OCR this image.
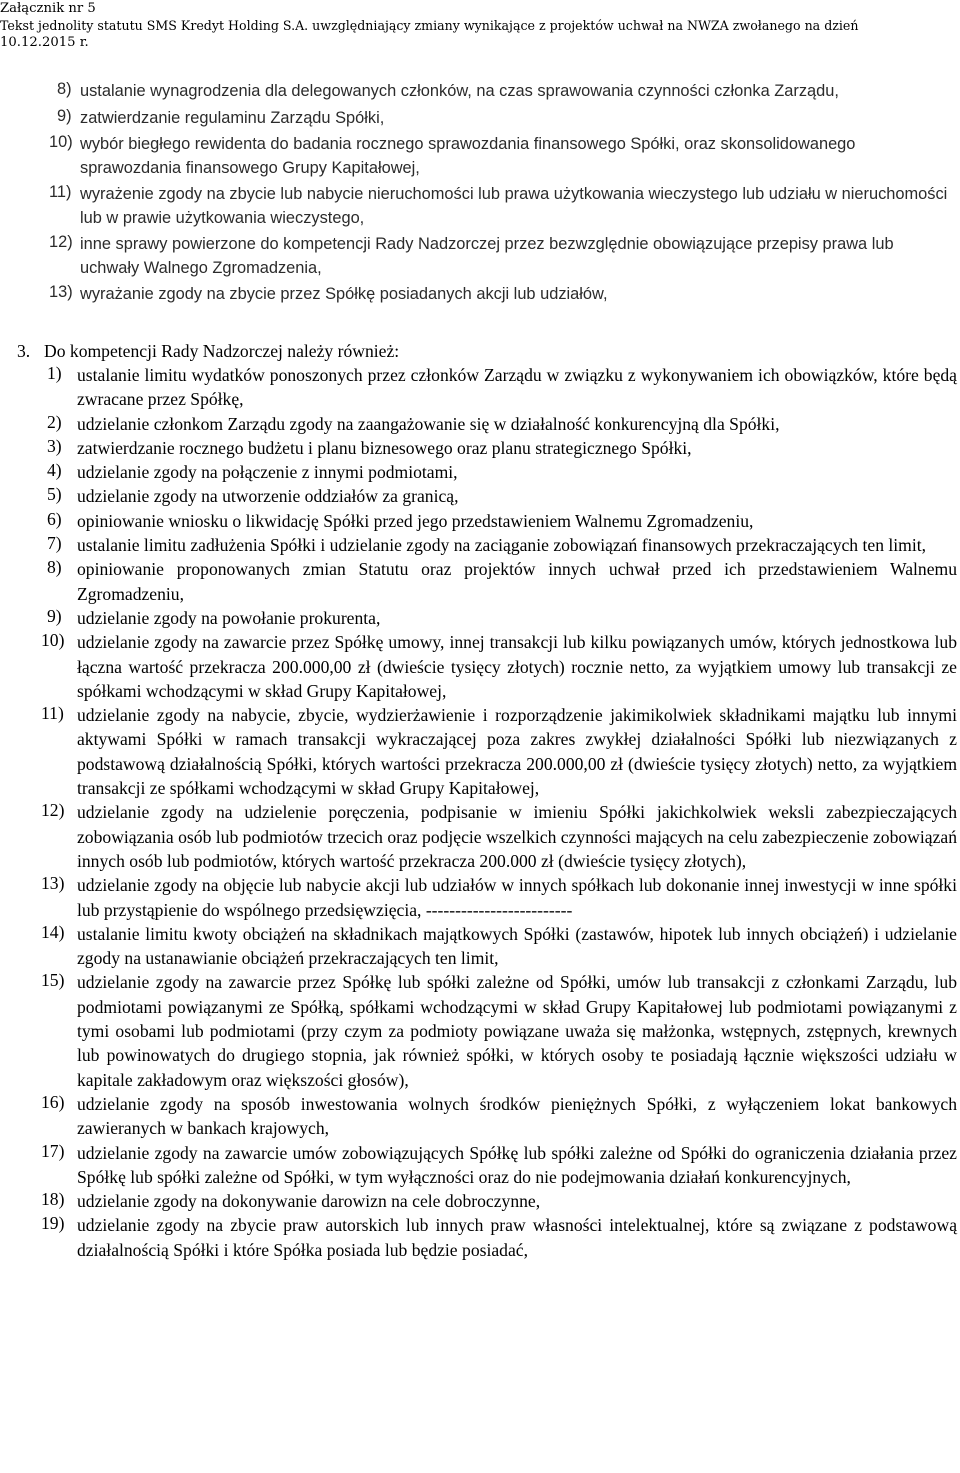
Załącznik nr 5
Tekst jednolity statutu SMS Kredyt Holding S.A. uwzględniający zmiany wynikające z projektów uchwał na NWZA zwołanego na dzień
10.12.2015 r.
8) ustalanie wynagrodzenia dla delegowanych członków, na czas sprawowania czynności członka Zarządu,
9) zatwierdzanie regulaminu Zarządu Spółki,
10) wybór biegłego rewidenta do badania rocznego sprawozdania finansowego Spółki, oraz skonsolidowanego sprawozdania finansowego Grupy Kapitałowej,
11) wyrażenie zgody na zbycie lub nabycie nieruchomości lub prawa użytkowania wieczystego lub udziału w nieruchomości lub w prawie użytkowania wieczystego,
12) inne sprawy powierzone do kompetencji Rady Nadzorczej przez bezwzględnie obowiązujące przepisy prawa lub uchwały Walnego Zgromadzenia,
13) wyrażanie zgody na zbycie przez Spółkę posiadanych akcji lub udziałów,
3. Do kompetencji Rady Nadzorczej należy również:
1) ustalanie limitu wydatków ponoszonych przez członków Zarządu w związku z wykonywaniem ich obowiązków, które będą zwracane przez Spółkę,
2) udzielanie członkom Zarządu zgody na zaangażowanie się w działalność konkurencyjną dla Spółki,
3) zatwierdzanie rocznego budżetu i planu biznesowego oraz planu strategicznego Spółki,
4) udzielanie zgody na połączenie z innymi podmiotami,
5) udzielanie zgody na utworzenie oddziałów za granicą,
6) opiniowanie wniosku o likwidację Spółki przed jego przedstawieniem Walnemu Zgromadzeniu,
7) ustalanie limitu zadłużenia Spółki i udzielanie zgody na zaciąganie zobowiązań finansowych przekraczających ten limit,
8) opiniowanie proponowanych zmian Statutu oraz projektów innych uchwał przed ich przedstawieniem Walnemu Zgromadzeniu,
9) udzielanie zgody na powołanie prokurenta,
10) udzielanie zgody na zawarcie przez Spółkę umowy, innej transakcji lub kilku powiązanych umów, których jednostkowa lub łączna wartość przekracza 200.000,00 zł (dwieście tysięcy złotych) rocznie netto, za wyjątkiem umowy lub transakcji ze spółkami wchodzącymi w skład Grupy Kapitałowej,
11) udzielanie zgody na nabycie, zbycie, wydzierżawienie i rozporządzenie jakimikolwiek składnikami majątku lub innymi aktywami Spółki w ramach transakcji wykraczającej poza zakres zwykłej działalności Spółki lub niezwiązanych z podstawową działalnością Spółki, których wartości przekracza 200.000,00 zł (dwieście tysięcy złotych) netto, za wyjątkiem transakcji ze spółkami wchodzącymi w skład Grupy Kapitałowej,
12) udzielanie zgody na udzielenie poręczenia, podpisanie w imieniu Spółki jakichkolwiek weksli zabezpieczających zobowiązania osób lub podmiotów trzecich oraz podjęcie wszelkich czynności mających na celu zabezpieczenie zobowiązań innych osób lub podmiotów, których wartość przekracza 200.000 zł (dwieście tysięcy złotych),
13) udzielanie zgody na objęcie lub nabycie akcji lub udziałów w innych spółkach lub dokonanie innej inwestycji w inne spółki lub przystąpienie do wspólnego przedsięwzięcia, -------------------------
14) ustalanie limitu kwoty obciążeń na składnikach majątkowych Spółki (zastawów, hipotek lub innych obciążeń) i udzielanie zgody na ustanawianie obciążeń przekraczających ten limit,
15) udzielanie zgody na zawarcie przez Spółkę lub spółki zależne od Spółki, umów lub transakcji z członkami Zarządu, lub podmiotami powiązanymi ze Spółką, spółkami wchodzącymi w skład Grupy Kapitałowej lub podmiotami powiązanymi z tymi osobami lub podmiotami (przy czym za podmioty powiązane uważa się małżonka, wstępnych, zstępnych, krewnych lub powinowatych do drugiego stopnia, jak również spółki, w których osoby te posiadają łącznie większości udziału w kapitale zakładowym oraz większości głosów),
16) udzielanie zgody na sposób inwestowania wolnych środków pieniężnych Spółki, z wyłączeniem lokat bankowych zawieranych w bankach krajowych,
17) udzielanie zgody na zawarcie umów zobowiązujących Spółkę lub spółki zależne od Spółki do ograniczenia działania przez Spółkę lub spółki zależne od Spółki, w tym wyłączności oraz do nie podejmowania działań konkurencyjnych,
18) udzielanie zgody na dokonywanie darowizn na cele dobroczynne,
19) udzielanie zgody na zbycie praw autorskich lub innych praw własności intelektualnej, które są związane z podstawową działalnością Spółki i które Spółka posiada lub będzie posiadać,
